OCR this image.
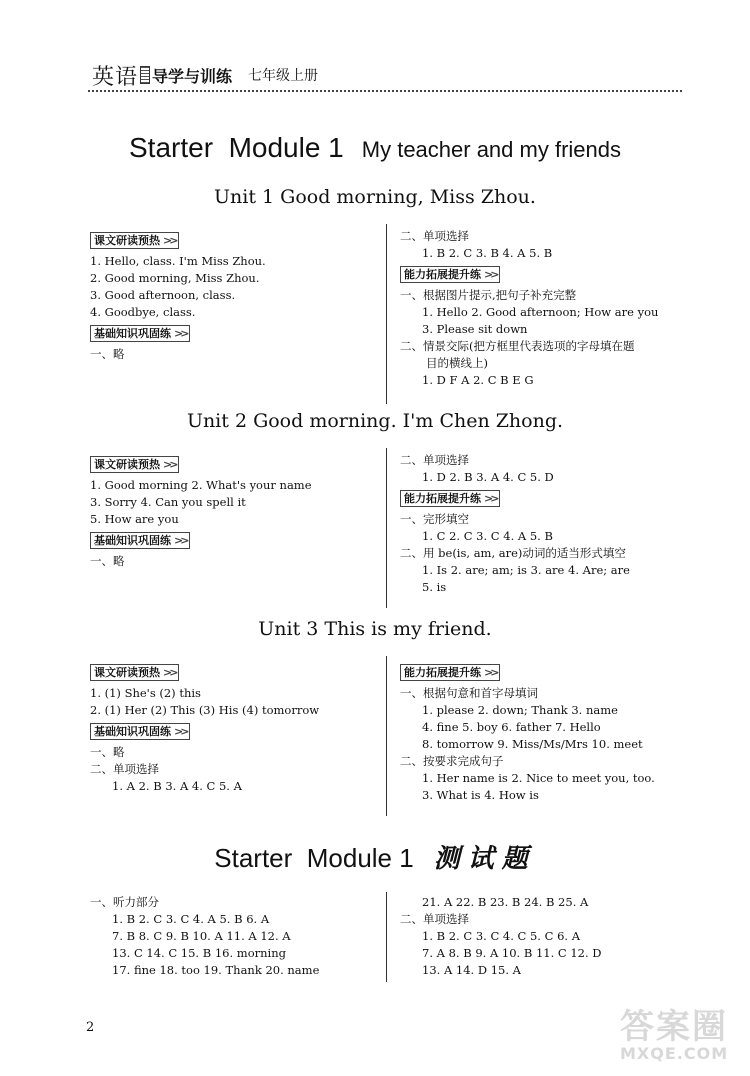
英语 导学与训练 七年级上册
Starter  Module 1 My teacher and my friends
Unit 1 Good morning, Miss Zhou.
课文研读预热 >>

1. Hello, class. I'm Miss Zhou.

2. Good morning, Miss Zhou.

3. Good afternoon, class.

4. Goodbye, class.

基础知识巩固练 >>

一、略

二、单项选择

1. B 2. C 3. B 4. A 5. B

能力拓展提升练 >>

一、根据图片提示,把句子补充完整

1. Hello 2. Good afternoon; How are you

3. Please sit down

二、情景交际(把方框里代表选项的字母填在题

目的横线上)

1. D F A 2. C B E G

Unit 2 Good morning. I'm Chen Zhong.
课文研读预热 >>

1. Good morning 2. What's your name

3. Sorry 4. Can you spell it

5. How are you

基础知识巩固练 >>

一、略

二、单项选择

1. D 2. B 3. A 4. C 5. D

能力拓展提升练 >>

一、完形填空

1. C 2. C 3. C 4. A 5. B

二、用 be(is, am, are)动词的适当形式填空

1. Is 2. are; am; is 3. are 4. Are; are

5. is

Unit 3 This is my friend.
课文研读预热 >>

1. (1) She's (2) this

2. (1) Her (2) This (3) His (4) tomorrow

基础知识巩固练 >>

一、略

二、单项选择

1. A 2. B 3. A 4. C 5. A

能力拓展提升练 >>

一、根据句意和首字母填词

1. please 2. down; Thank 3. name

4. fine 5. boy 6. father 7. Hello

8. tomorrow 9. Miss/Ms/Mrs 10. meet

二、按要求完成句子

1. Her name is 2. Nice to meet you, too.

3. What is 4. How is

Starter  Module 1 测试题

一、听力部分

1. B 2. C 3. C 4. A 5. B 6. A

7. B 8. C 9. B 10. A 11. A 12. A

13. C 14. C 15. B 16. morning

17. fine 18. too 19. Thank 20. name

21. A 22. B 23. B 24. B 25. A

二、单项选择

1. B 2. C 3. C 4. C 5. C 6. A

7. A 8. B 9. A 10. B 11. C 12. D

13. A 14. D 15. A

2	答案圈
MXQE.COM
